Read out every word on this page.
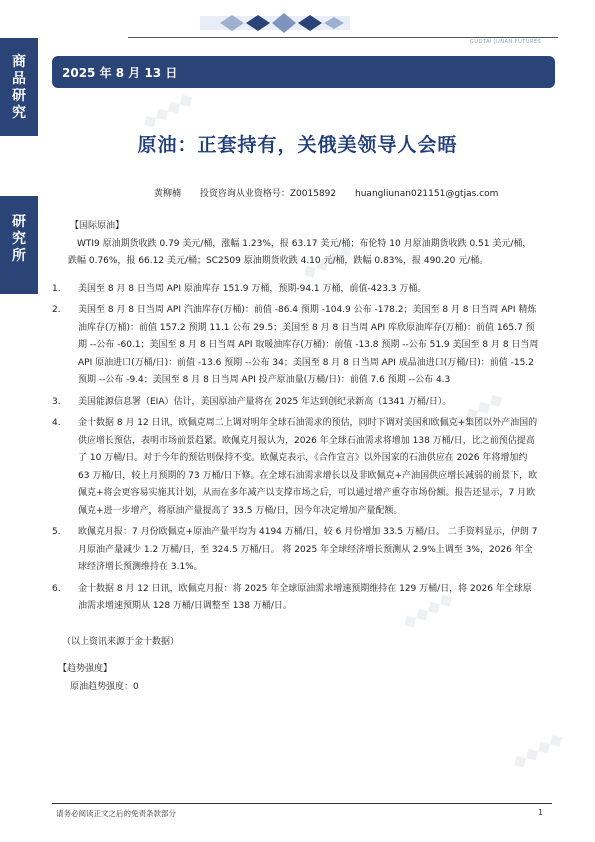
GUOTAI JUNAN FUTURES
商品研究
研究所
2025 年 8 月 13 日
原油：正套持有，关俄美领导人会晤
黄柳楠 投资咨询从业资格号：Z0015892 huangliunan021151@gtjas.com
◆◆◆◆
◆◆◆◆
◆◆◆◆
◆◆◆◆
◆◆◆◆
【国际原油】

WTI9 原油期货收跌 0.79 美元/桶，涨幅 1.23%，报 63.17 美元/桶；布伦特 10 月原油期货收跌 0.51 美元/桶，跌幅 0.76%，报 66.12 美元/桶；SC2509 原油期货收跌 4.10 元/桶，跌幅 0.83%，报 490.20 元/桶。

1.	美国至 8 月 8 日当周 API 原油库存 151.9 万桶，预期-94.1 万桶，前值-423.3 万桶。
2.	美国至 8 月 8 日当周 API 汽油库存(万桶)：前值 -86.4 预期 -104.9 公布 -178.2；美国至 8 月 8 日当周 API 精炼油库存(万桶)：前值 157.2 预期 11.1 公布 29.5；美国至 8 月 8 日当周 API 库欣原油库存(万桶)：前值 165.7 预期 --公布 -60.1；美国至 8 月 8 日当周 API 取暖油库存(万桶)：前值 -13.8 预期 --公布 51.9 美国至 8 月 8 日当周 API 原油进口(万桶/日)：前值 -13.6 预期 --公布 34；美国至 8 月 8 日当周 API 成品油进口(万桶/日)：前值 -15.2 预期 --公布 -9.4；美国至 8 月 8 日当周 API 投产原油量(万桶/日)：前值 7.6 预期 --公布 4.3
3.	美国能源信息署（EIA）估计，美国原油产量将在 2025 年达到创纪录新高（1341 万桶/日）。
4.	金十数据 8 月 12 日讯，欧佩克周二上调对明年全球石油需求的预估，同时下调对美国和欧佩克+集团以外产油国的供应增长预估，表明市场前景趋紧。欧佩克月报认为，2026 年全球石油需求将增加 138 万桶/日，比之前预估提高了 10 万桶/日。对于今年的预估则保持不变。欧佩克表示，《合作宣言》以外国家的石油供应在 2026 年将增加约 63 万桶/日，较上月预期的 73 万桶/日下修。在全球石油需求增长以及非欧佩克+产油国供应增长减弱的前景下，欧佩克+将会更容易实施其计划，从而在多年减产以支撑市场之后，可以通过增产重夺市场份额。报告还显示，7 月欧佩克+进一步增产，将原油产量提高了 33.5 万桶/日，因今年决定增加产量配额。
5.	欧佩克月报：7 月份欧佩克+原油产量平均为 4194 万桶/日，较 6 月份增加 33.5 万桶/日。 二手资料显示，伊朗 7 月原油产量减少 1.2 万桶/日，至 324.5 万桶/日。 将 2025 年全球经济增长预测从 2.9%上调至 3%，2026 年全球经济增长预测维持在 3.1%。
6.	金十数据 8 月 12 日讯，欧佩克月报：将 2025 年全球原油需求增速预期维持在 129 万桶/日，将 2026 年全球原油需求增速预期从 128 万桶/日调整至 138 万桶/日。
（以上资讯来源于金十数据）
【趋势强度】
原油趋势强度：0
请务必阅读正文之后的免责条款部分	1
